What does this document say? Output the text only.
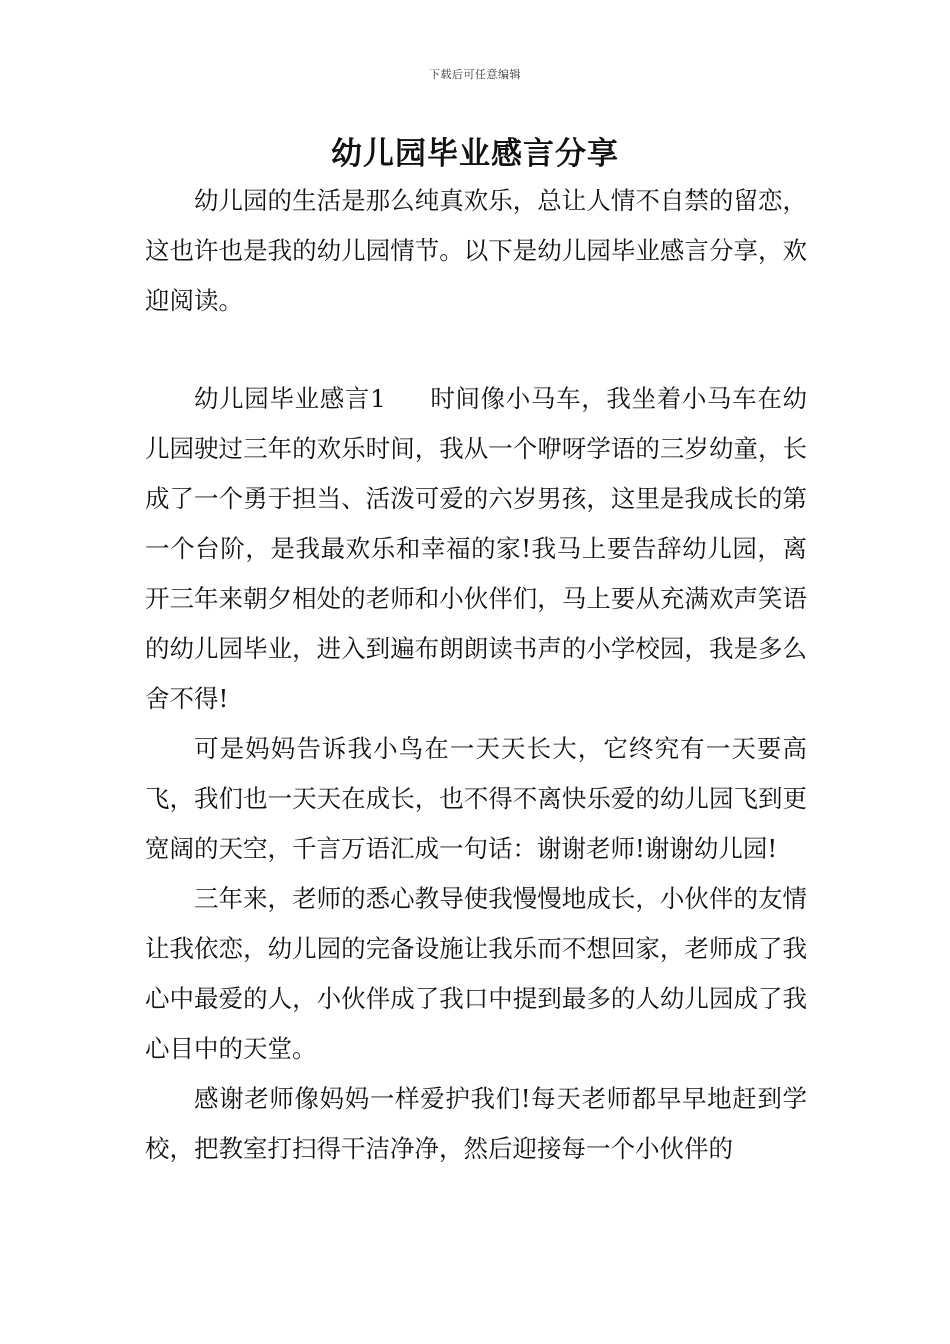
下载后可任意编辑
幼儿园毕业感言分享

幼儿园的生活是那么纯真欢乐，总让人情不自禁的留恋，这也许也是我的幼儿园情节。以下是幼儿园毕业感言分享，欢迎阅读。

幼儿园毕业感言1 时间像小马车，我坐着小马车在幼儿园驶过三年的欢乐时间，我从一个咿呀学语的三岁幼童，长成了一个勇于担当、活泼可爱的六岁男孩，这里是我成长的第一个台阶，是我最欢乐和幸福的家!我马上要告辞幼儿园，离开三年来朝夕相处的老师和小伙伴们，马上要从充满欢声笑语的幼儿园毕业，进入到遍布朗朗读书声的小学校园，我是多么舍不得!

可是妈妈告诉我小鸟在一天天长大，它终究有一天要高飞，我们也一天天在成长，也不得不离快乐爱的幼儿园飞到更宽阔的天空，千言万语汇成一句话：谢谢老师!谢谢幼儿园!

三年来，老师的悉心教导使我慢慢地成长，小伙伴的友情让我依恋，幼儿园的完备设施让我乐而不想回家，老师成了我心中最爱的人，小伙伴成了我口中提到最多的人幼儿园成了我心目中的天堂。

感谢老师像妈妈一样爱护我们!每天老师都早早地赶到学校，把教室打扫得干洁净净，然后迎接每一个小伙伴的
